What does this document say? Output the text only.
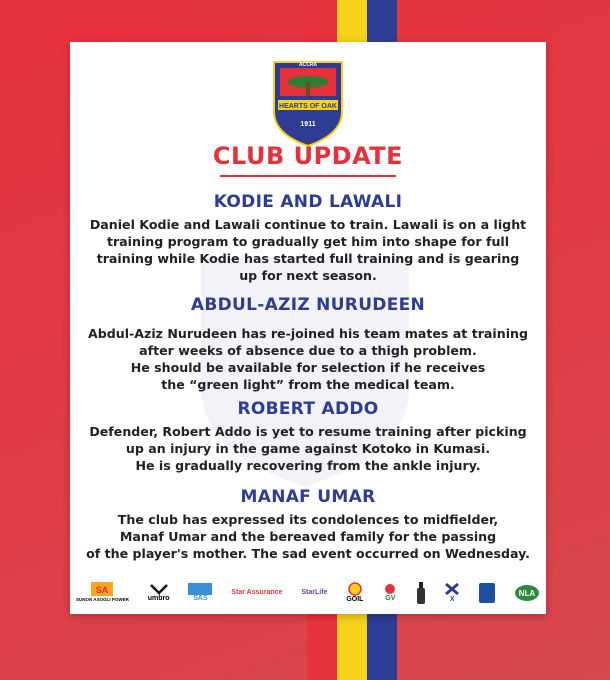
ACCRA
HEARTS OF OAK
1911
CLUB UPDATE
KODIE AND LAWALI

Daniel Kodie and Lawali continue to train. Lawali is on a light
training program to gradually get him into shape for full
training while Kodie has started full training and is gearing
up for next season.

ABDUL-AZIZ NURUDEEN

Abdul-Aziz Nurudeen has re-joined his team mates at training
after weeks of absence due to a thigh problem.
He should be available for selection if he receives
the “green light” from the medical team.

ROBERT ADDO

Defender, Robert Addo is yet to resume training after picking
up an injury in the game against Kotoko in Kumasi.
He is gradually recovering from the ankle injury.

MANAF UMAR

The club has expressed its condolences to midfielder,
Manaf Umar and the bereaved family for the passing
of the player's mother. The sad event occurred on Wednesday.

SA
SUNON ASOGLI POWER	umbro	SAS
Star Assurance	StarLife
GOIL	GV	X
NLA
